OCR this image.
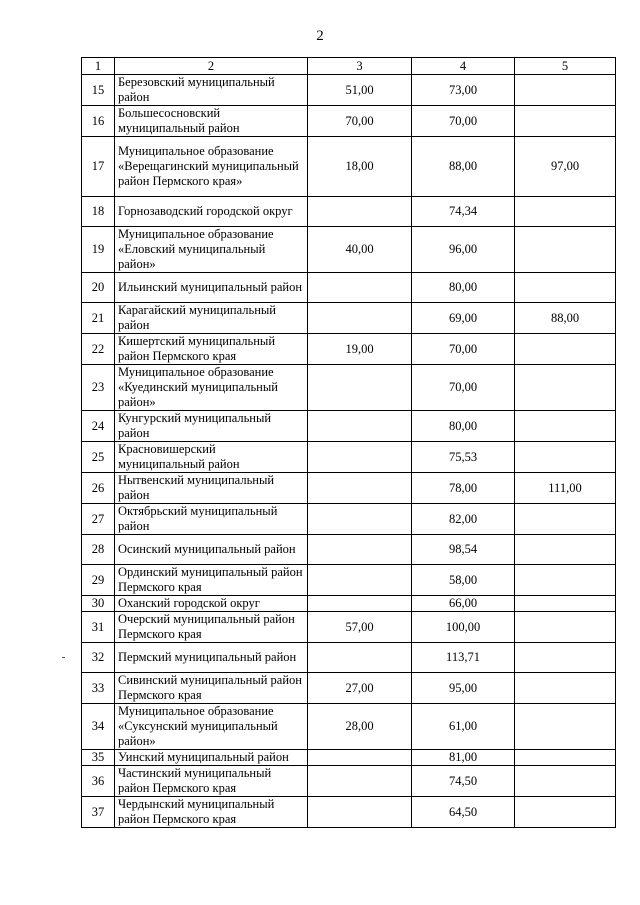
2
1	2	3	4	5
15	Березовский муниципальный район	51,00	73,00	
16	Большесосновский муниципальный район	70,00	70,00	
17	Муниципальное образование «Верещагинский муниципальный район Пермского края»	18,00	88,00	97,00
18	Горнозаводский городской округ		74,34	
19	Муниципальное образование «Еловский муниципальный район»	40,00	96,00	
20	Ильинский муниципальный район		80,00	
21	Карагайский муниципальный район		69,00	88,00
22	Кишертский муниципальный район Пермского края	19,00	70,00	
23	Муниципальное образование «Куединский муниципальный район»		70,00	
24	Кунгурский муниципальный район		80,00	
25	Красновишерский муниципальный район		75,53	
26	Нытвенский муниципальный район		78,00	111,00
27	Октябрьский муниципальный район		82,00	
28	Осинский муниципальный район		98,54	
29	Ординский муниципальный район Пермского края		58,00	
30	Оханский городской округ		66,00	
31	Очерский муниципальный район Пермского края	57,00	100,00	
32	Пермский муниципальный район		113,71	
33	Сивинский муниципальный район Пермского края	27,00	95,00	
34	Муниципальное образование «Суксунский муниципальный район»	28,00	61,00	
35	Уинский муниципальный район		81,00	
36	Частинский муниципальный район Пермского края		74,50	
37	Чердынский муниципальный район Пермского края		64,50	
